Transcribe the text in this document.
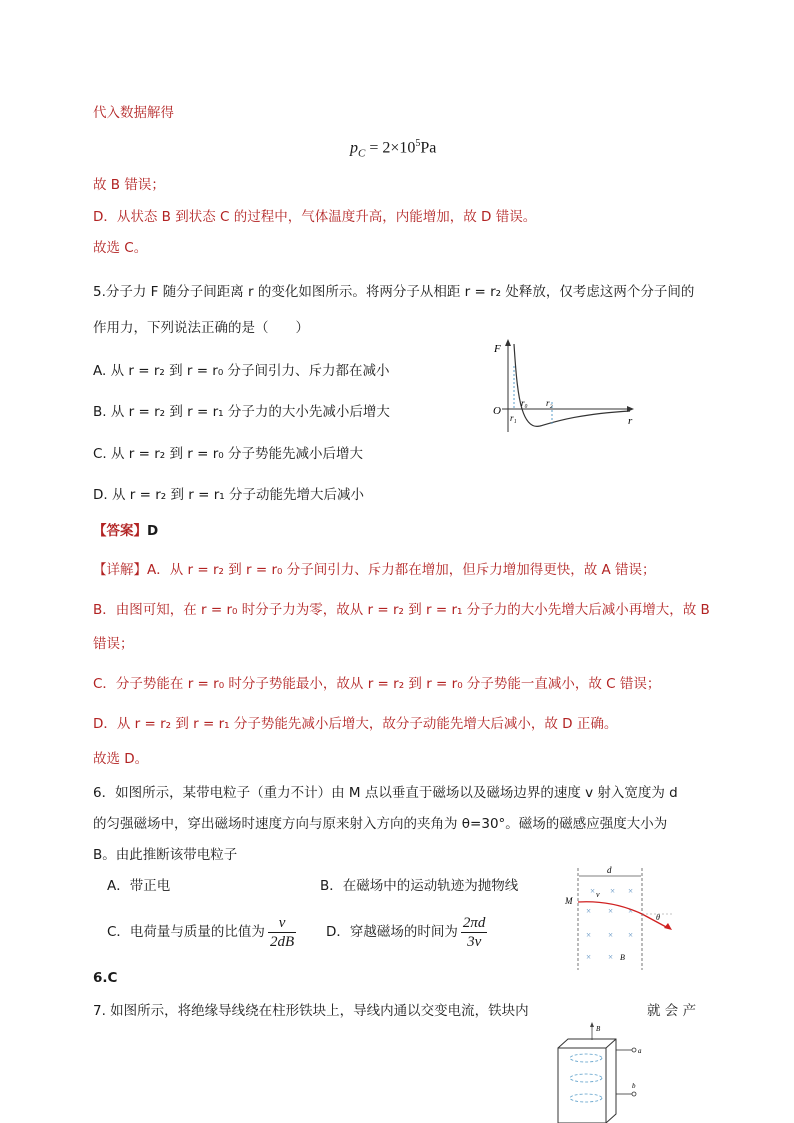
代入数据解得
$p_C = 2\times 10^5Pa$
故 B 错误；
D．从状态 B 到状态 C 的过程中，气体温度升高，内能增加，故 D 错误。
故选 C。
5.分子力 F 随分子间距离 r 的变化如图所示。将两分子从相距 r = r₂ 处释放，仅考虑这两个分子间的
作用力，下列说法正确的是（　　）
A. 从 r = r₂ 到 r = r₀ 分子间引力、斥力都在减小
B. 从 r = r₂ 到 r = r₁ 分子力的大小先减小后增大
C. 从 r = r₂ 到 r = r₀ 分子势能先减小后增大
D. 从 r = r₂ 到 r = r₁ 分子动能先增大后减小
F
O
r
r₀
r₁
r₂
【答案】D
【详解】A．从 r = r₂ 到 r = r₀ 分子间引力、斥力都在增加，但斥力增加得更快，故 A 错误；
B．由图可知，在 r = r₀ 时分子力为零，故从 r = r₂ 到 r = r₁ 分子力的大小先增大后减小再增大，故 B
错误；
C．分子势能在 r = r₀ 时分子势能最小，故从 r = r₂ 到 r = r₀ 分子势能一直减小，故 C 错误；
D．从 r = r₂ 到 r = r₁ 分子势能先减小后增大，故分子动能先增大后减小，故 D 正确。
故选 D。
6．如图所示，某带电粒子（重力不计）由 M 点以垂直于磁场以及磁场边界的速度 v 射入宽度为 d
的匀强磁场中，穿出磁场时速度方向与原来射入方向的夹角为 θ=30°。磁场的磁感应强度大小为
B。由此推断该带电粒子
A．带正电	B．在磁场中的运动轨迹为抛物线
C．电荷量与质量的比值为 $\frac{v}{2dB}$ D．穿越磁场的时间为 $\frac{2\pi d}{3v}$
d
M
v
θ
B
× × ×
× × ×
× × ×
× ×
6.C
7. 如图所示，将绝缘导线绕在柱形铁块上，导线内通以交变电流，铁块内	就 会 产
B
a
b
